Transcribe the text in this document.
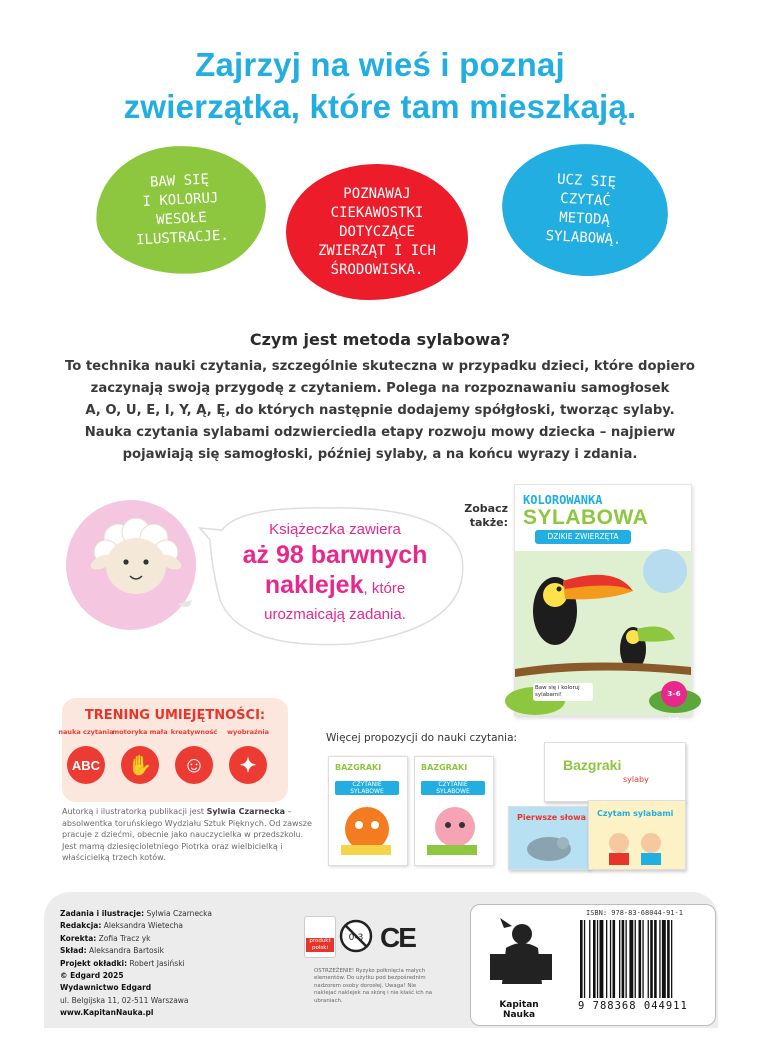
Zajrzyj na wieś i poznaj
zwierzątka, które tam mieszkają.
BAW SIĘ
I KOLORUJ
WESOŁE
ILUSTRACJE.
POZNAWAJ
CIEKAWOSTKI
DOTYCZĄCE
ZWIERZĄT I ICH
ŚRODOWISKA.
UCZ SIĘ
CZYTAĆ
METODĄ
SYLABOWĄ.
Czym jest metoda sylabowa?
To technika nauki czytania, szczególnie skuteczna w przypadku dzieci, które dopiero
zaczynają swoją przygodę z czytaniem. Polega na rozpoznawaniu samogłosek
A, O, U, E, I, Y, Ą, Ę, do których następnie dodajemy spółgłoski, tworząc sylaby.
Nauka czytania sylabami odzwierciedla etapy rozwoju mowy dziecka – najpierw
pojawiają się samogłoski, później sylaby, a na końcu wyrazy i zdania.
Książeczka zawiera
aż 98 barwnych
naklejek, które
urozmaicają zadania.
Zobacz
także:
KOLOROWANKA
SYLABOWA
DZIKIE ZWIERZĘTA
Baw się i koloruj sylabami!	3–6 lat
TRENING UMIEJĘTNOŚCI:
nauka czytania
motoryka mała kreatywność	wyobraźnia
ABC	✋	☺	✦
Więcej propozycji do nauki czytania:
BAZGRAKI
CZYTANIE SYLABOWE
BAZGRAKI
CZYTANIE SYLABOWE
Bazgraki
sylaby
Pierwsze słowa Czytam sylabami
Autorką i ilustratorką publikacji jest Sylwia Czarnecka – absolwentka toruńskiego Wydziału Sztuk Pięknych. Od zawsze pracuje z dziećmi, obecnie jako nauczycielka w przedszkolu. Jest mamą dziesięcioletniego Piotrka oraz wielbicielką i właścicielką trzech kotów.
Zadania i ilustracje: Sylwia Czarnecka
Redakcja: Aleksandra Wietecha
Korekta: Zofia Tracz yk
Skład: Aleksandra Bartosik
Projekt okładki: Robert Jasiński
© Edgard 2025
Wydawnictwo Edgard
ul. Belgijska 11, 02-511 Warszawa
www.KapitanNauka.pl
produkt polski
0-3 CE
OSTRZEŻENIE! Ryzyko połknięcia małych elementów. Do użytku pod bezpośrednim nadzorem osoby dorosłej. Uwaga! Nie naklejać naklejek na skórę i nie kłaść ich na ubraniach.	Kapitan
Nauka
ISBN: 978-83-68044-91-1
9 788368 044911
